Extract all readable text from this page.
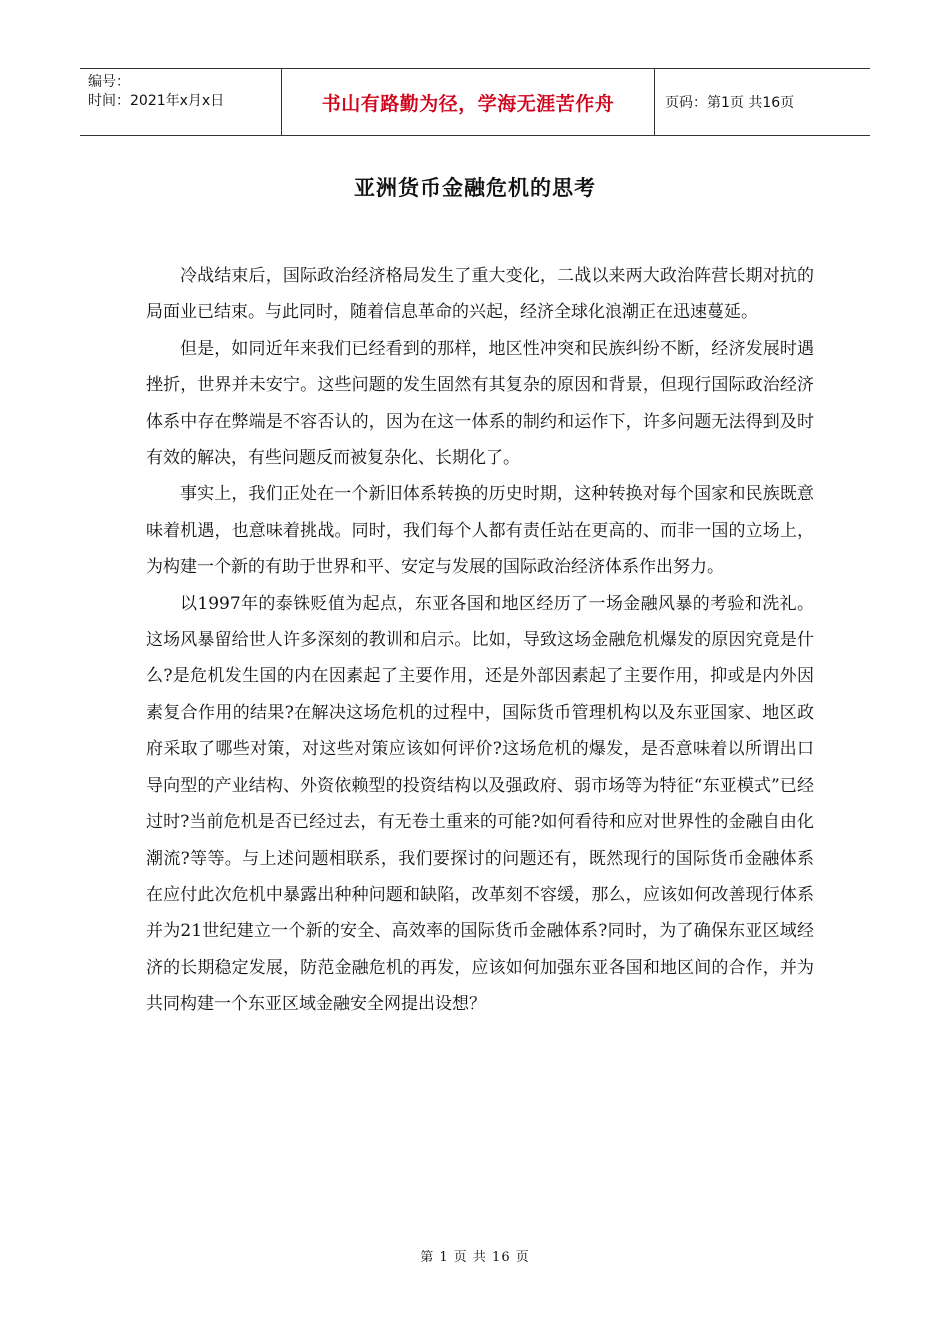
编号：
时间：2021年x月x日	书山有路勤为径，学海无涯苦作舟	页码：第1页 共16页
亚洲货币金融危机的思考

冷战结束后，国际政治经济格局发生了重大变化，二战以来两大政治阵营长期对抗的局面业已结束。与此同时，随着信息革命的兴起，经济全球化浪潮正在迅速蔓延。

但是，如同近年来我们已经看到的那样，地区性冲突和民族纠纷不断，经济发展时遇挫折，世界并未安宁。这些问题的发生固然有其复杂的原因和背景，但现行国际政治经济体系中存在弊端是不容否认的，因为在这一体系的制约和运作下，许多问题无法得到及时有效的解决，有些问题反而被复杂化、长期化了。

事实上，我们正处在一个新旧体系转换的历史时期，这种转换对每个国家和民族既意味着机遇，也意味着挑战。同时，我们每个人都有责任站在更高的、而非一国的立场上，为构建一个新的有助于世界和平、安定与发展的国际政治经济体系作出努力。

以1997年的泰铢贬值为起点，东亚各国和地区经历了一场金融风暴的考验和洗礼。这场风暴留给世人许多深刻的教训和启示。比如，导致这场金融危机爆发的原因究竟是什么?是危机发生国的内在因素起了主要作用，还是外部因素起了主要作用，抑或是内外因素复合作用的结果?在解决这场危机的过程中，国际货币管理机构以及东亚国家、地区政府采取了哪些对策，对这些对策应该如何评价?这场危机的爆发，是否意味着以所谓出口导向型的产业结构、外资依赖型的投资结构以及强政府、弱市场等为特征“东亚模式”已经过时?当前危机是否已经过去，有无卷土重来的可能?如何看待和应对世界性的金融自由化潮流?等等。与上述问题相联系，我们要探讨的问题还有，既然现行的国际货币金融体系在应付此次危机中暴露出种种问题和缺陷，改革刻不容缓，那么，应该如何改善现行体系并为21世纪建立一个新的安全、高效率的国际货币金融体系?同时，为了确保东亚区域经济的长期稳定发展，防范金融危机的再发，应该如何加强东亚各国和地区间的合作，并为共同构建一个东亚区域金融安全网提出设想？

第 1 页 共 16 页
